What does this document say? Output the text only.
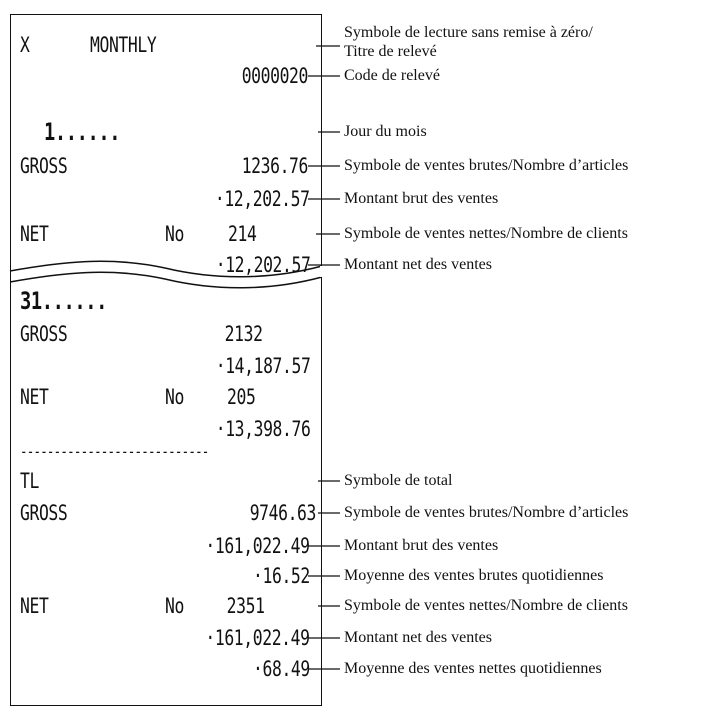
X	MONTHLY
0000020
1......
GROSS	1236.76
 ·12,202.57
NET	No 214
·12,202.57
31......
GROSS	2132
·14,187.57
NET	No 205
·13,398.76
----------------------------
TL
GROSS	9746.63
·161,022.49
·16.52
NET	No 2351
·161,022.49
·68.49
Symbole de lecture sans remise à zéro/
Titre de relevé
Code de relevé
Jour du mois
Symbole de ventes brutes/Nombre d’articles
Montant brut des ventes
Symbole de ventes nettes/Nombre de clients
Montant net des ventes
Symbole de total
Symbole de ventes brutes/Nombre d’articles
Montant brut des ventes
Moyenne des ventes brutes quotidiennes
Symbole de ventes nettes/Nombre de clients
Montant net des ventes
Moyenne des ventes nettes quotidiennes
